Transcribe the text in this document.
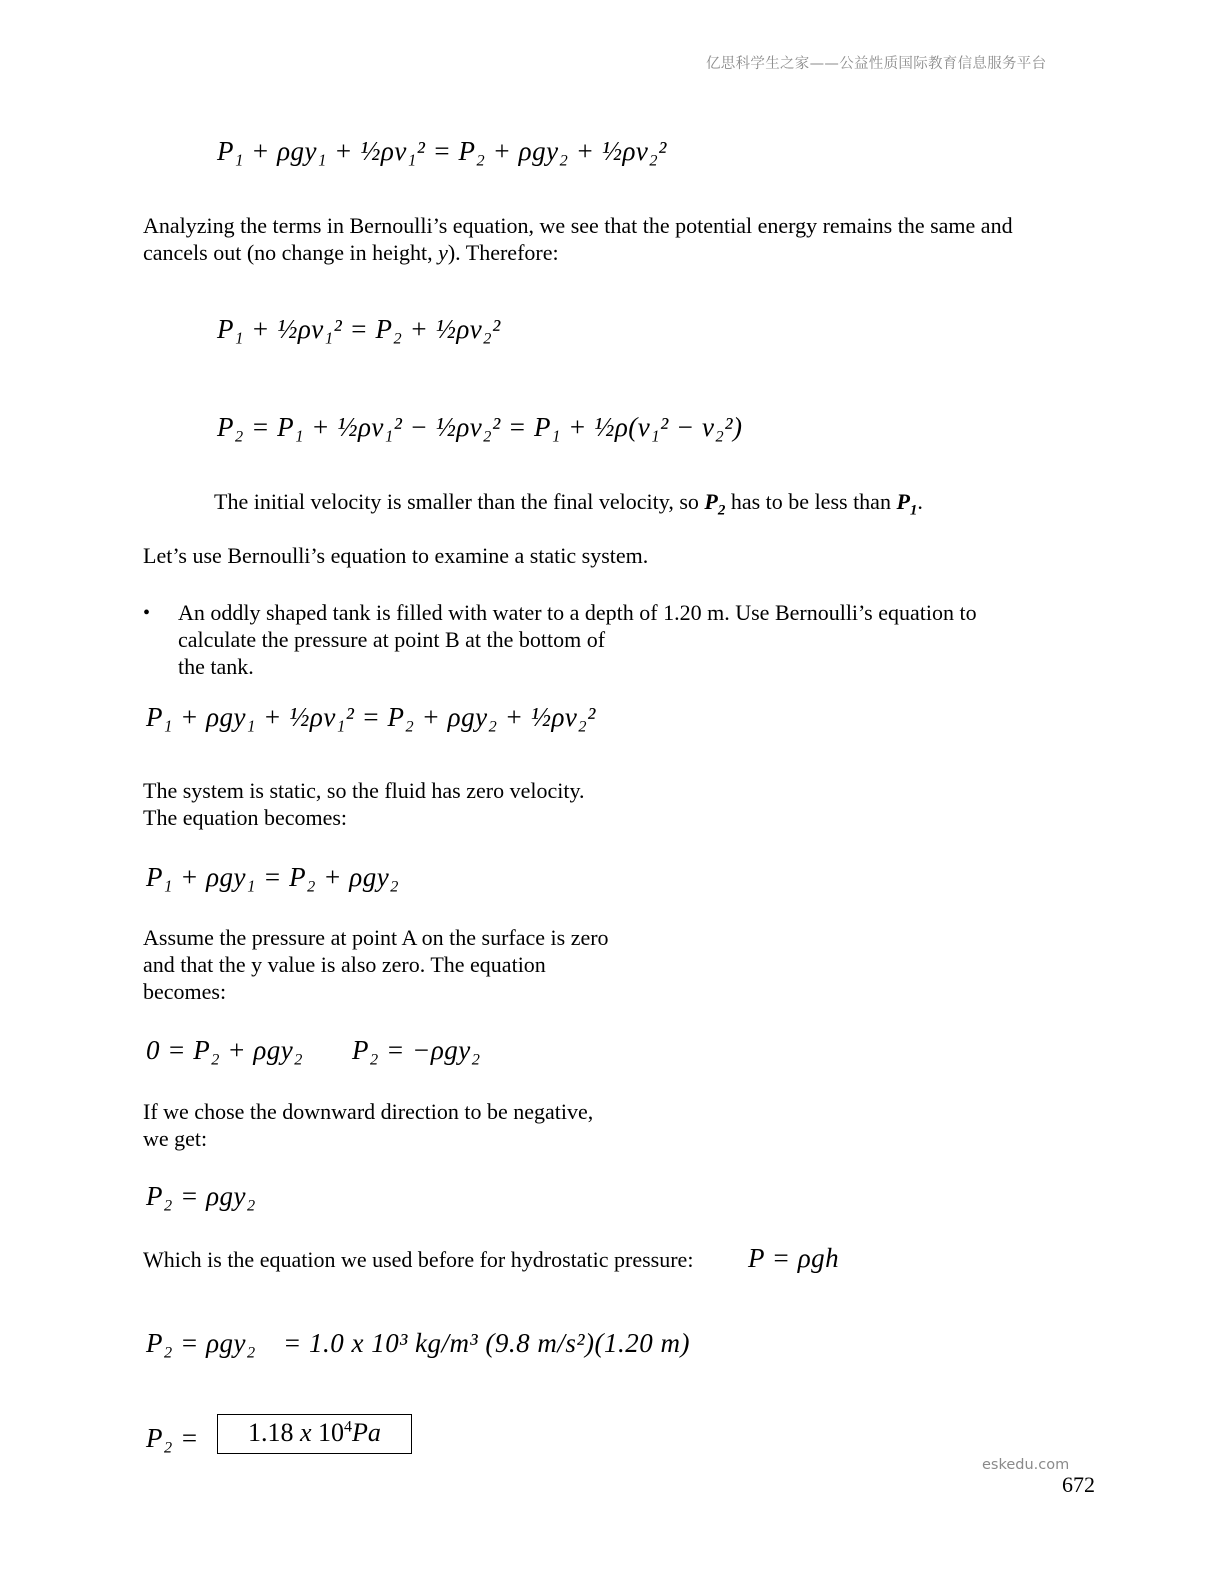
亿思科学生之家——公益性质国际教育信息服务平台
P₁ + ρgy₁ + ½ρv₁² = P₂ + ρgy₂ + ½ρv₂²
Analyzing the terms in Bernoulli’s equation, we see that the potential energy remains the same and
cancels out (no change in height, y). Therefore:
P₁ + ½ρv₁² = P₂ + ½ρv₂²
P₂ = P₁ + ½ρv₁² − ½ρv₂² = P₁ + ½ρ(v₁² − v₂²)
The initial velocity is smaller than the final velocity, so $P_2$ has to be less than $P_1$.
Let’s use Bernoulli’s equation to examine a static system.
• An oddly shaped tank is filled with water to a depth of 1.20 m. Use Bernoulli’s equation to
calculate the pressure at point B at the bottom of
the tank.
P₁ + ρgy₁ + ½ρv₁² = P₂ + ρgy₂ + ½ρv₂²
The system is static, so the fluid has zero velocity.
The equation becomes:
P₁ + ρgy₁ = P₂ + ρgy₂
Assume the pressure at point A on the surface is zero
and that the y value is also zero. The equation
becomes:
0 = P₂ + ρgy₂ P₂ = −ρgy₂
If we chose the downward direction to be negative,
we get:
P₂ = ρgy₂
Which is the equation we used before for hydrostatic pressure: P = ρgh
P₂ = ρgy₂ = 1.0 x 10³ kg/m³ (9.8 m/s²)(1.20 m)
P₂ =	1.18 x $10^4Pa$
eskedu.com
672
